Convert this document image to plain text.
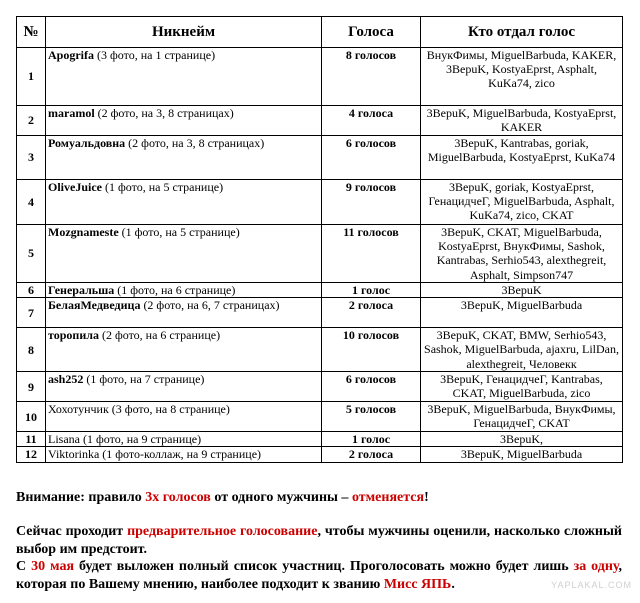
№	Никнейм	Голоса	Кто отдал голос
1	Apogrifa (3 фото, на 1 странице)	8 голосов	ВнукФимы, MiguelBarbuda, KAKER, 3BepuK, KostyaEprst, Asphalt, KuKa74, zico
2	maramol (2 фото, на 3, 8 страницах)	4 голоса	3BepuK, MiguelBarbuda, KostyaEprst, KAKER
3	Ромуальдовна (2 фото, на 3, 8 страницах)	6 голосов	3BepuK, Kantrabas, goriak, MiguelBarbuda, KostyaEprst, KuKa74
4	OliveJuice (1 фото, на 5 странице)	9 голосов	3BepuK, goriak, KostyaEprst, ГенацидчеГ, MiguelBarbuda, Asphalt, KuKa74, zico, CKAT
5	Mozgnameste (1 фото, на 5 странице)	11 голосов	3BepuK, CKAT, MiguelBarbuda, KostyaEprst, ВнукФимы, Sashok, Kantrabas, Serhio543, alexthegreit, Asphalt, Simpson747
6	Генеральша (1 фото, на 6 странице)	1 голос	3BepuK
7	БелаяМедведица (2 фото, на 6, 7 страницах)	2 голоса	3BepuK, MiguelBarbuda
8	торопила (2 фото, на 6 странице)	10 голосов	3BepuK, CKAT, BMW, Serhio543, Sashok, MiguelBarbuda, ajaxru, LilDan, alexthegreit, Человекк
9	ash252 (1 фото, на 7 странице)	6 голосов	3BepuK, ГенацидчеГ, Kantrabas, CKAT, MiguelBarbuda, zico
10	Хохотунчик (3 фото, на 8 странице)	5 голосов	3BepuK, MiguelBarbuda, ВнукФимы, ГенацидчеГ, CKAT
11	Lisana (1 фото, на 9 странице)	1 голос	3BepuK,
12	Viktorinka (1 фото-коллаж, на 9 странице)	2 голоса	3BepuK, MiguelBarbuda
Внимание: правило 3х голосов от одного мужчины – отменяется!
Сейчас проходит предварительное голосование, чтобы мужчины оценили, насколько сложный выбор им предстоит.
С 30 мая будет выложен полный список участниц. Проголосовать можно будет лишь за одну, которая по Вашему мнению, наиболее подходит к званию Мисс ЯПЬ.	YAPLAKAL.COM
